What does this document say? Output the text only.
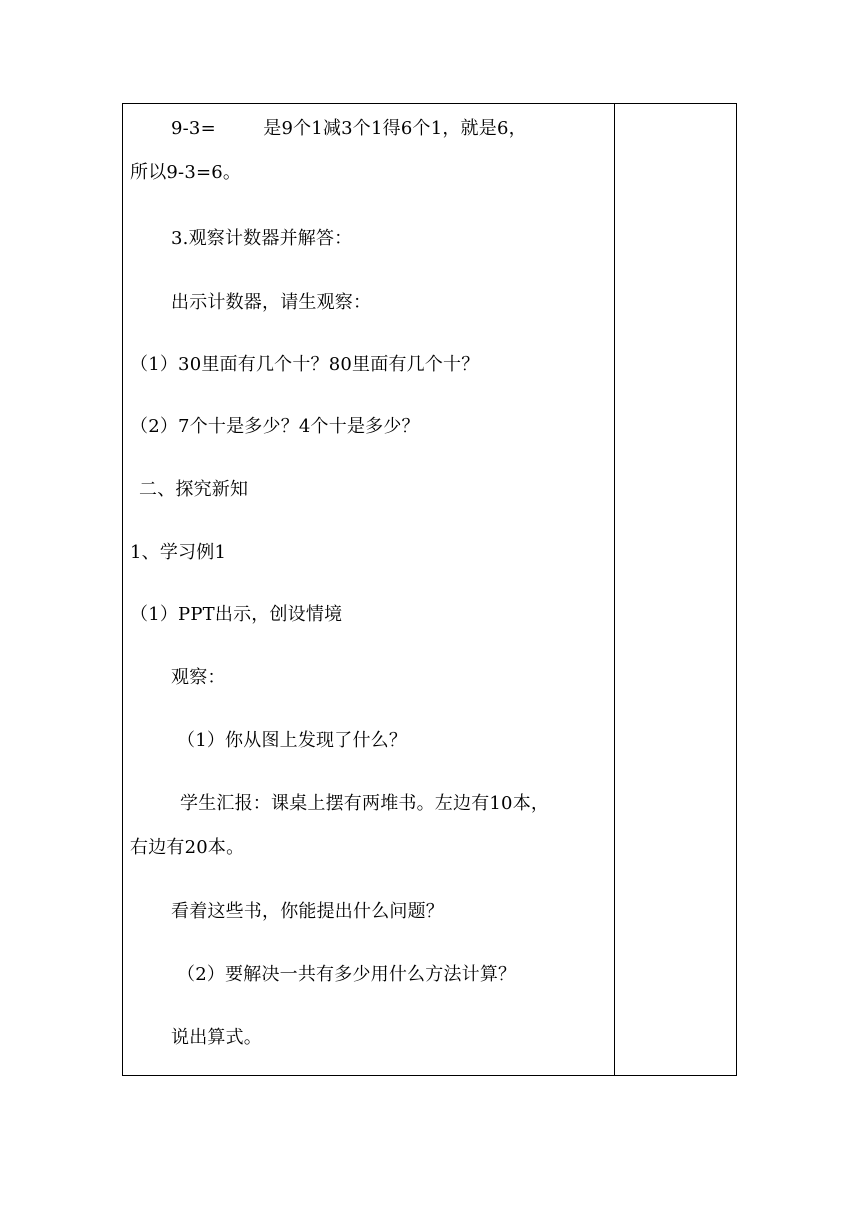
9-3=        是9个1减3个1得6个1，就是6，
所以9-3=6。
3.观察计数器并解答：
出示计数器，请生观察：
（1）30里面有几个十？80里面有几个十？
（2）7个十是多少？4个十是多少？
二、探究新知
1、学习例1
（1）PPT出示，创设情境
观察：
（1）你从图上发现了什么？
学生汇报：课桌上摆有两堆书。左边有10本，
右边有20本。
看着这些书，你能提出什么问题？
（2）要解决一共有多少用什么方法计算？
说出算式。
